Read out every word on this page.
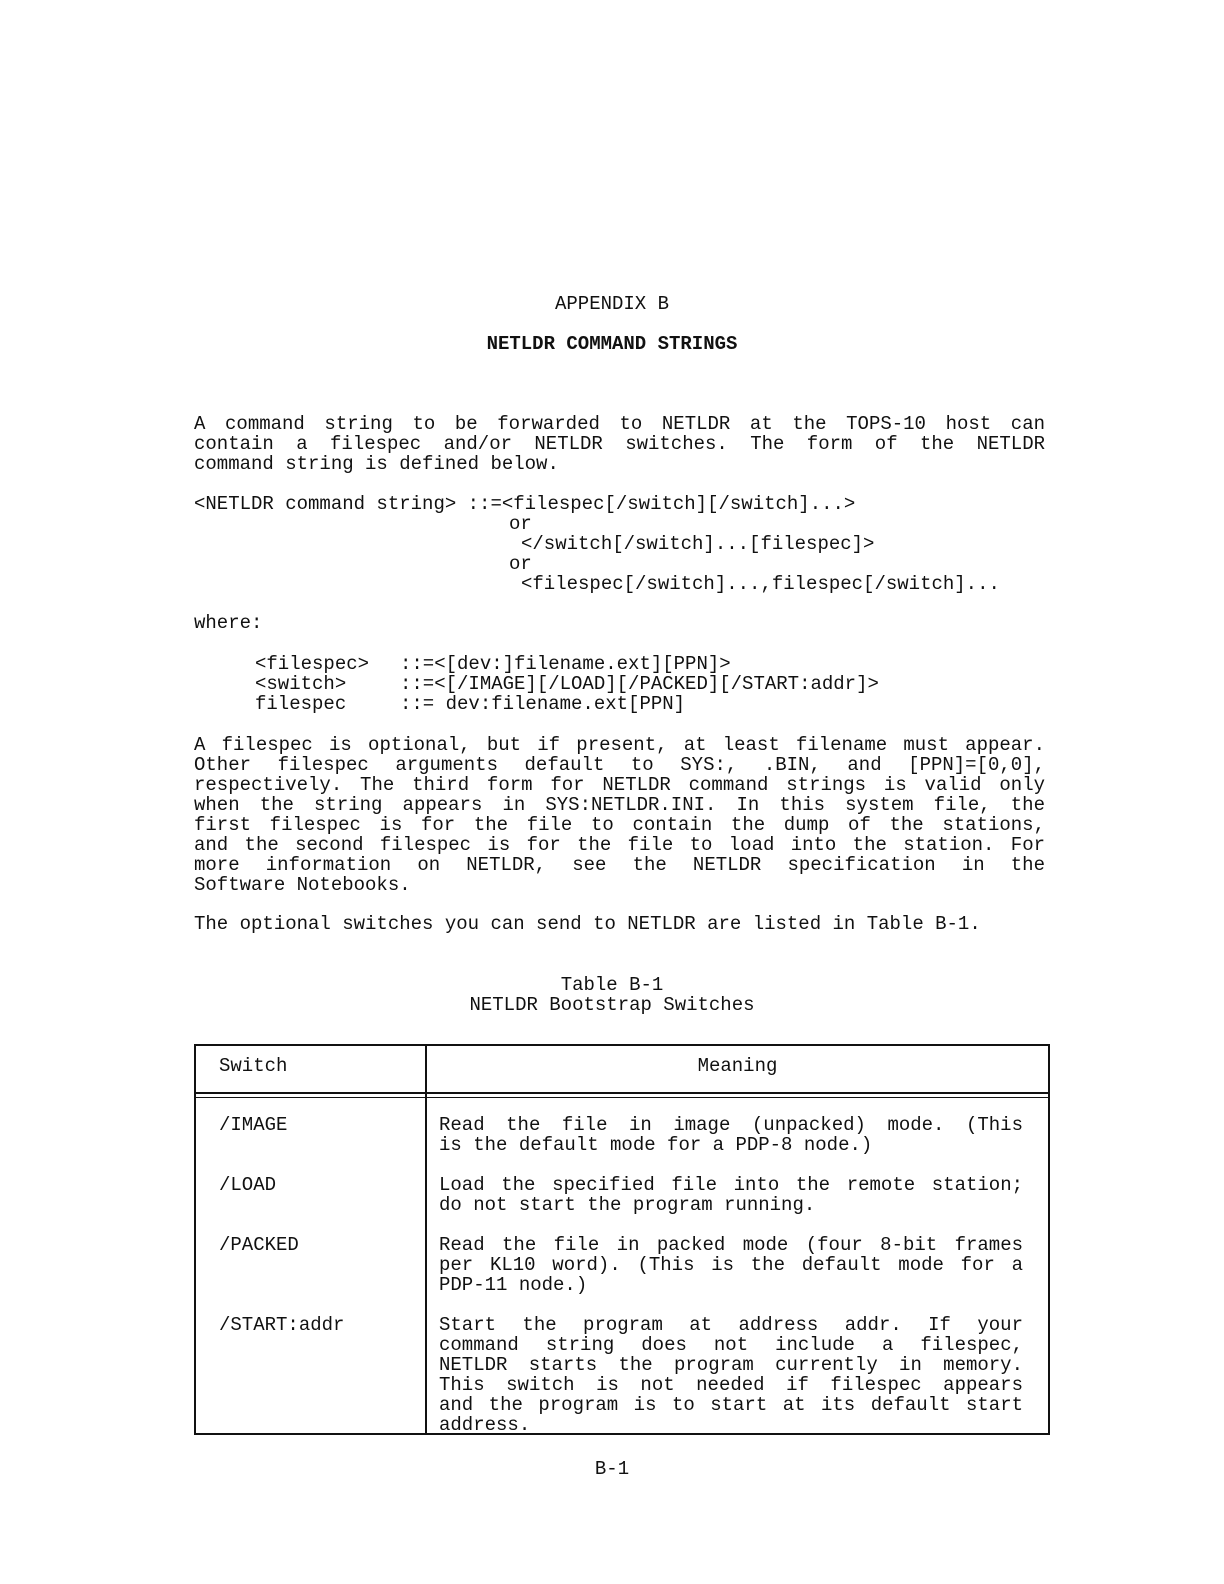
APPENDIX B
NETLDR COMMAND STRINGS
A command string to be forwarded to NETLDR at the TOPS-10 host can
contain a filespec and/or NETLDR switches. The form of the NETLDR
command string is defined below.
<NETLDR command string> ::=<filespec[/switch][/switch]...>
or
</switch[/switch]...[filespec]>
or
<filespec[/switch]...,filespec[/switch]...
where:
<filespec> ::=<[dev:]filename.ext][PPN]>
<switch>	::=<[/IMAGE][/LOAD][/PACKED][/START:addr]>
filespec	::= dev:filename.ext[PPN]
A filespec is optional, but if present, at least filename must appear.
Other filespec arguments default to SYS:, .BIN, and [PPN]=[0,0],
respectively. The third form for NETLDR command strings is valid only
when the string appears in SYS:NETLDR.INI. In this system file, the
first filespec is for the file to contain the dump of the stations,
and the second filespec is for the file to load into the station. For
more information on NETLDR, see the NETLDR specification in the
Software Notebooks.
The optional switches you can send to NETLDR are listed in Table B-1.
Table B-1
NETLDR Bootstrap Switches
Switch	Meaning
/IMAGE	Read the file in image (unpacked) mode. (This
is the default mode for a PDP-8 node.)
/LOAD	Load the specified file into the remote station;
do not start the program running.
/PACKED	Read the file in packed mode (four 8-bit frames
per KL10 word). (This is the default mode for a
PDP-11 node.)
/START:addr	Start the program at address addr. If your
command string does not include a filespec,
NETLDR starts the program currently in memory.
This switch is not needed if filespec appears
and the program is to start at its default start
address.
B-1
